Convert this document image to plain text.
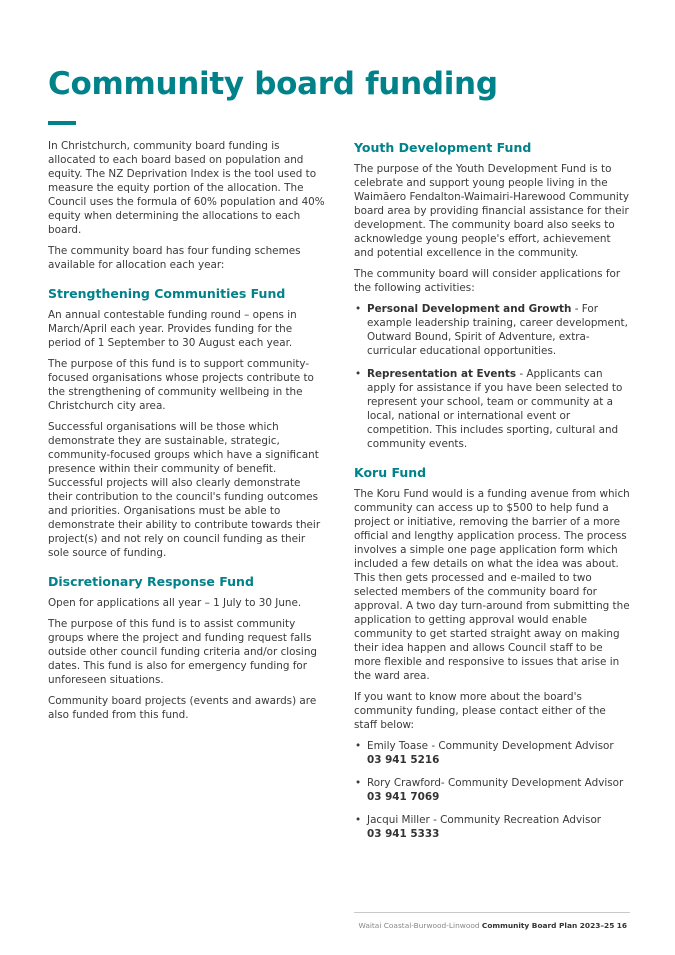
Community board funding

In Christchurch, community board funding is allocated to each board based on population and equity. The NZ Deprivation Index is the tool used to measure the equity portion of the allocation. The Council uses the formula of 60% population and 40% equity when determining the allocations to each board.

The community board has four funding schemes available for allocation each year:

Strengthening Communities Fund

An annual contestable funding round – opens in March/April each year. Provides funding for the period of 1 September to 30 August each year.

The purpose of this fund is to support community-focused organisations whose projects contribute to the strengthening of community wellbeing in the Christchurch city area.

Successful organisations will be those which demonstrate they are sustainable, strategic, community-focused groups which have a significant presence within their community of benefit. Successful projects will also clearly demonstrate their contribution to the council's funding outcomes and priorities. Organisations must be able to demonstrate their ability to contribute towards their project(s) and not rely on council funding as their sole source of funding.

Discretionary Response Fund

Open for applications all year – 1 July to 30 June.

The purpose of this fund is to assist community groups where the project and funding request falls outside other council funding criteria and/or closing dates. This fund is also for emergency funding for unforeseen situations.

Community board projects (events and awards) are also funded from this fund.

Youth Development Fund

The purpose of the Youth Development Fund is to celebrate and support young people living in the Waimāero Fendalton-Waimairi-Harewood Community board area by providing financial assistance for their development. The community board also seeks to acknowledge young people's effort, achievement and potential excellence in the community.

The community board will consider applications for the following activities:

• Personal Development and Growth - For example leadership training, career development, Outward Bound, Spirit of Adventure, extra-curricular educational opportunities.
• Representation at Events - Applicants can apply for assistance if you have been selected to represent your school, team or community at a local, national or international event or competition. This includes sporting, cultural and community events.
Koru Fund

The Koru Fund would is a funding avenue from which community can access up to $500 to help fund a project or initiative, removing the barrier of a more official and lengthy application process. The process involves a simple one page application form which included a few details on what the idea was about. This then gets processed and e-mailed to two selected members of the community board for approval. A two day turn-around from submitting the application to getting approval would enable community to get started straight away on making their idea happen and allows Council staff to be more flexible and responsive to issues that arise in the ward area.

If you want to know more about the board's community funding, please contact either of the staff below:

• Emily Toase - Community Development Advisor
03 941 5216
• Rory Crawford- Community Development Advisor
03 941 7069
• Jacqui Miller - Community Recreation Advisor
03 941 5333
Waitai Coastal-Burwood-Linwood Community Board Plan 2023–25 16
